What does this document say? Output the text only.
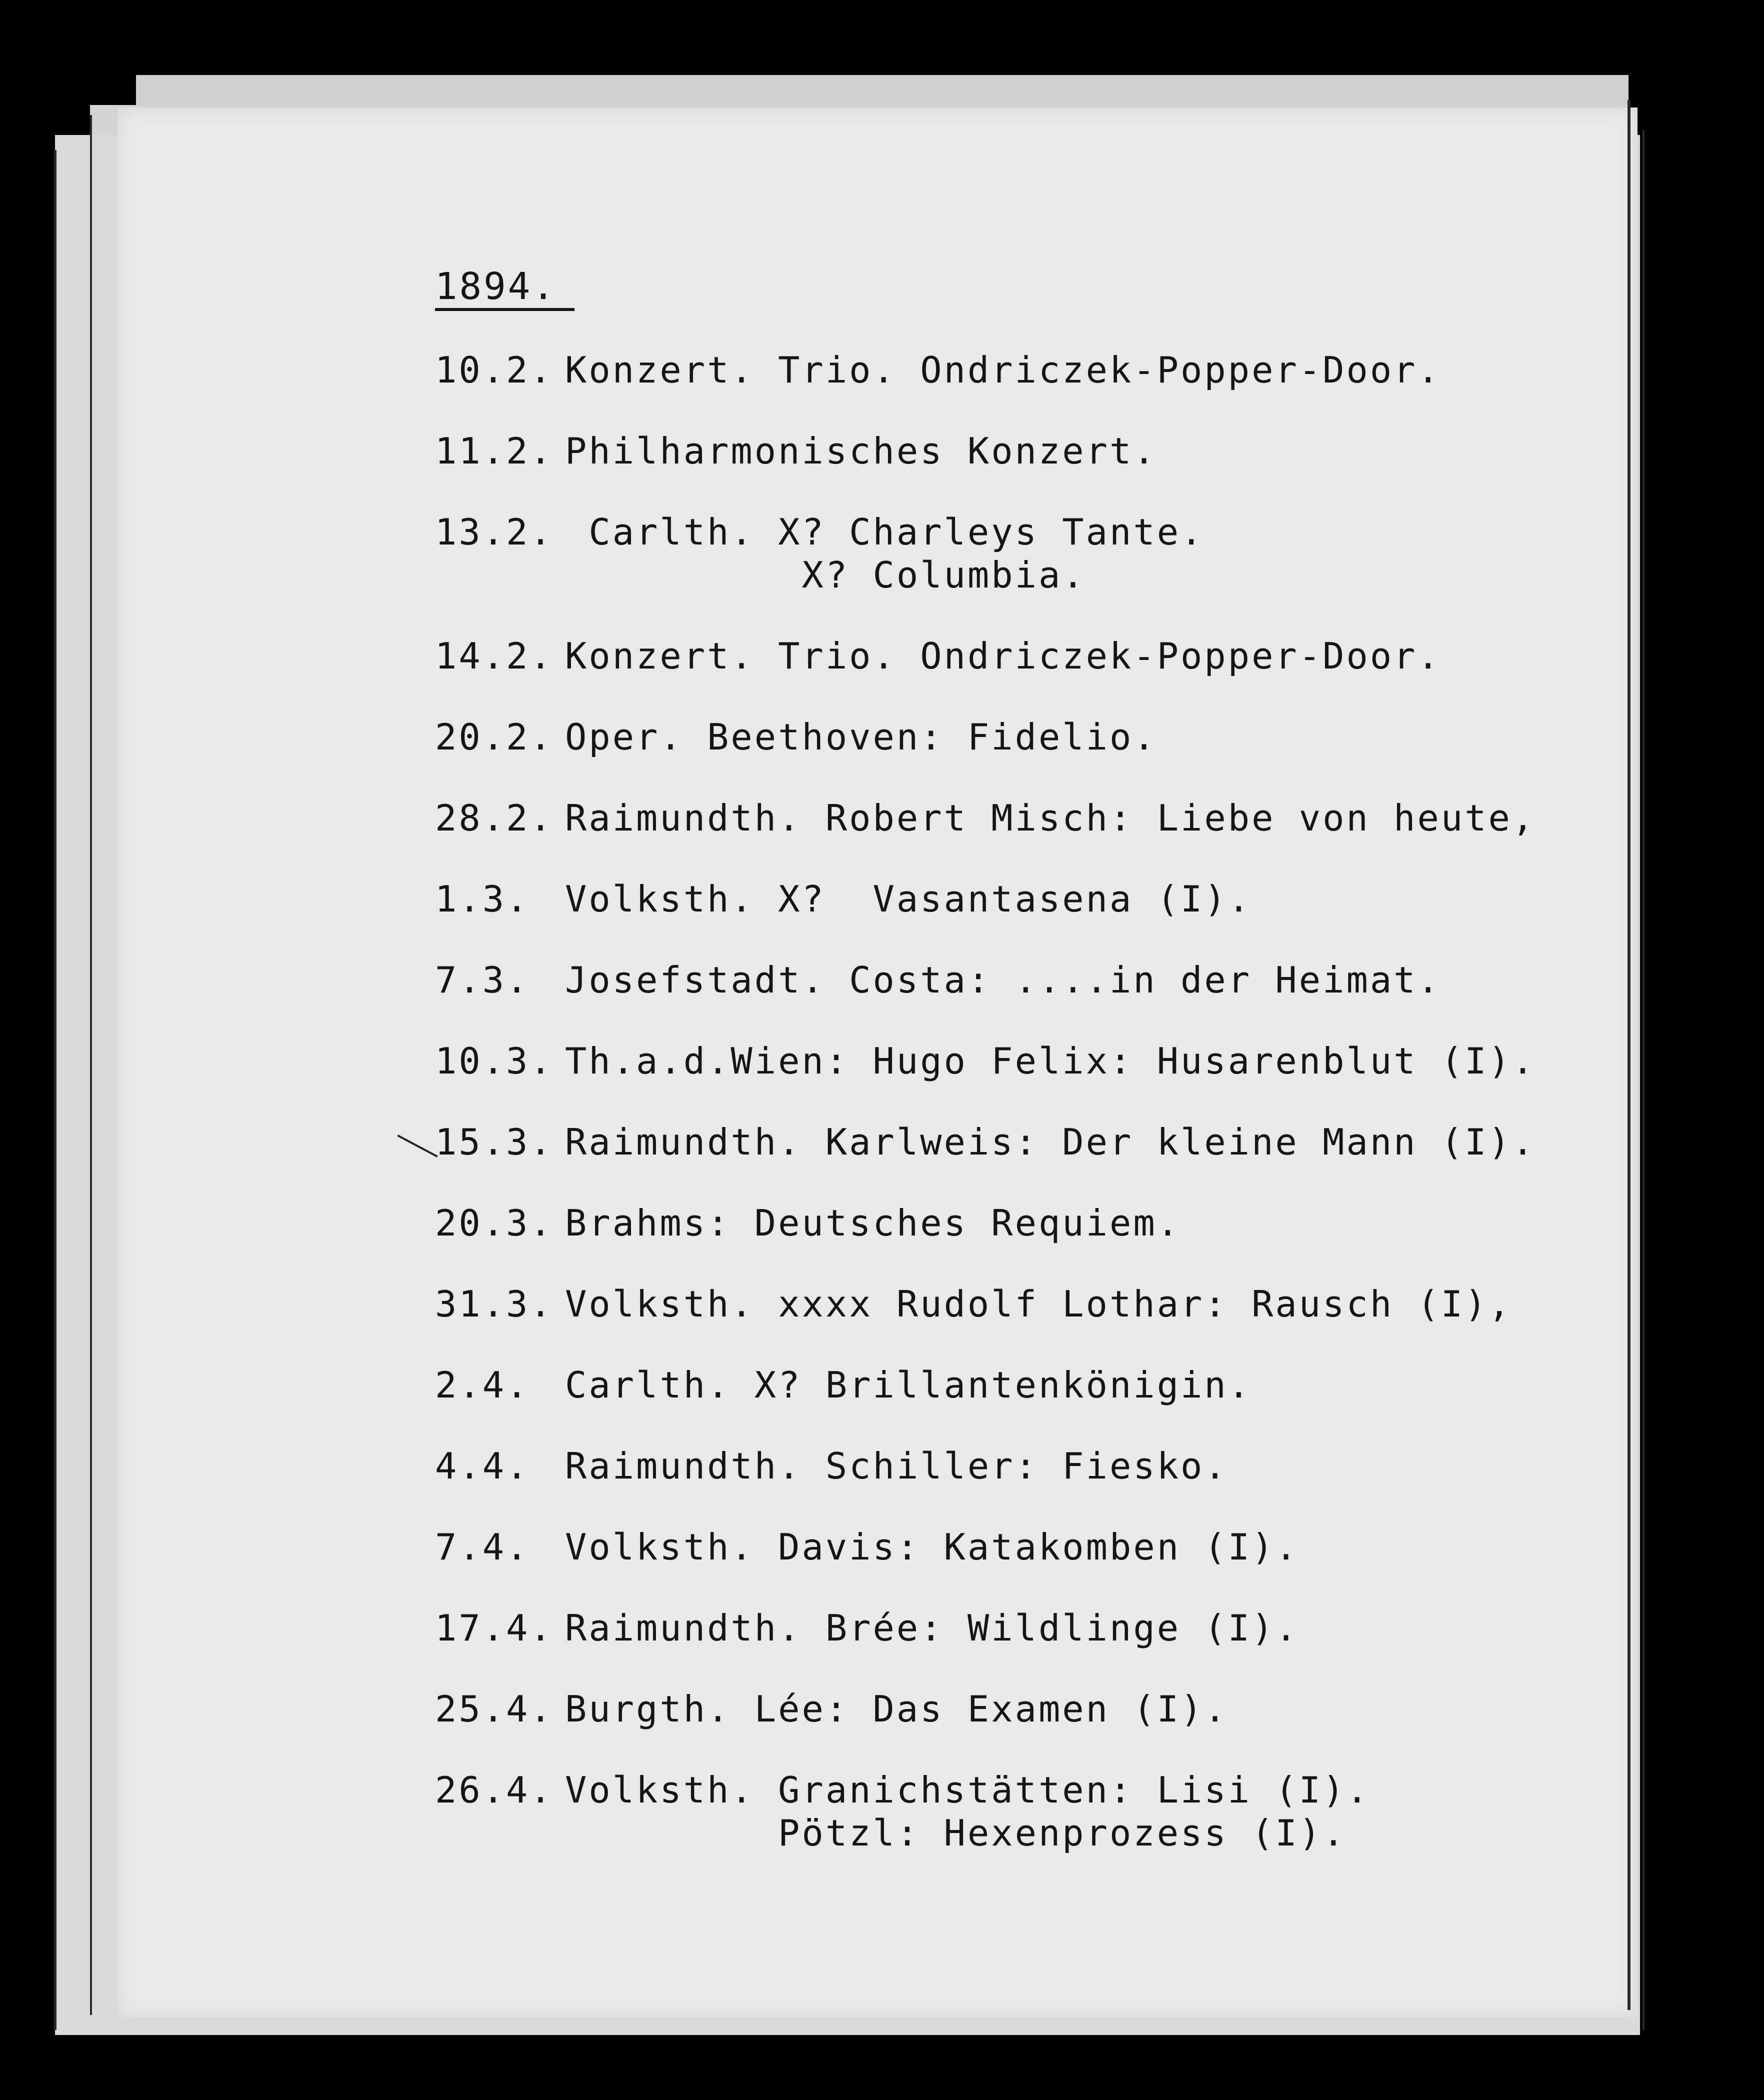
1894.
10.2. Konzert. Trio. Ondriczek-Popper-Door.
11.2. Philharmonisches Konzert.
13.2. Carlth. X? Charleys Tante.
X? Columbia.
14.2. Konzert. Trio. Ondriczek-Popper-Door.
20.2. Oper. Beethoven: Fidelio.
28.2. Raimundth. Robert Misch: Liebe von heute,
1.3. Volksth. X?  Vasantasena (I).
7.3. Josefstadt. Costa: ....in der Heimat.
10.3. Th.a.d.Wien: Hugo Felix: Husarenblut (I).
15.3. Raimundth. Karlweis: Der kleine Mann (I).
20.3. Brahms: Deutsches Requiem.
31.3. Volksth. xxxx Rudolf Lothar: Rausch (I),
2.4. Carlth. X? Brillantenkönigin.
4.4. Raimundth. Schiller: Fiesko.
7.4. Volksth. Davis: Katakomben (I).
17.4. Raimundth. Brée: Wildlinge (I).
25.4. Burgth. Lée: Das Examen (I).
26.4. Volksth. Granichstätten: Lisi (I).
Pötzl: Hexenprozess (I).
